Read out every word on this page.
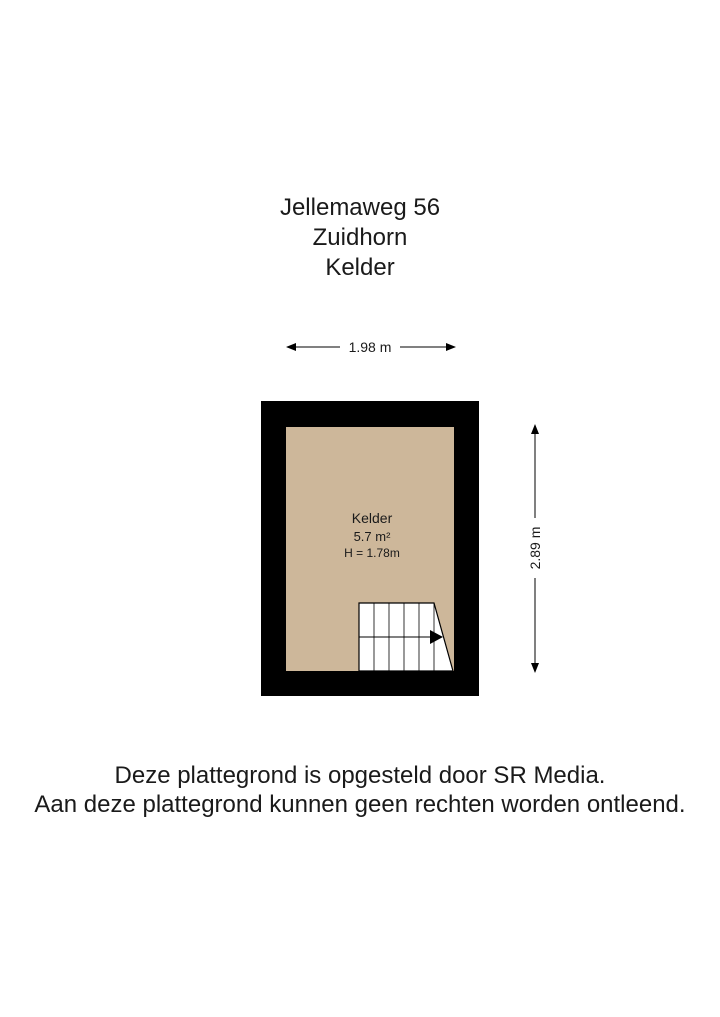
Jellemaweg 56
Zuidhorn
Kelder
1.98 m
Kelder
5.7 m²
H = 1.78m	2.89 m
Deze plattegrond is opgesteld door SR Media.
Aan deze plattegrond kunnen geen rechten worden ontleend.
